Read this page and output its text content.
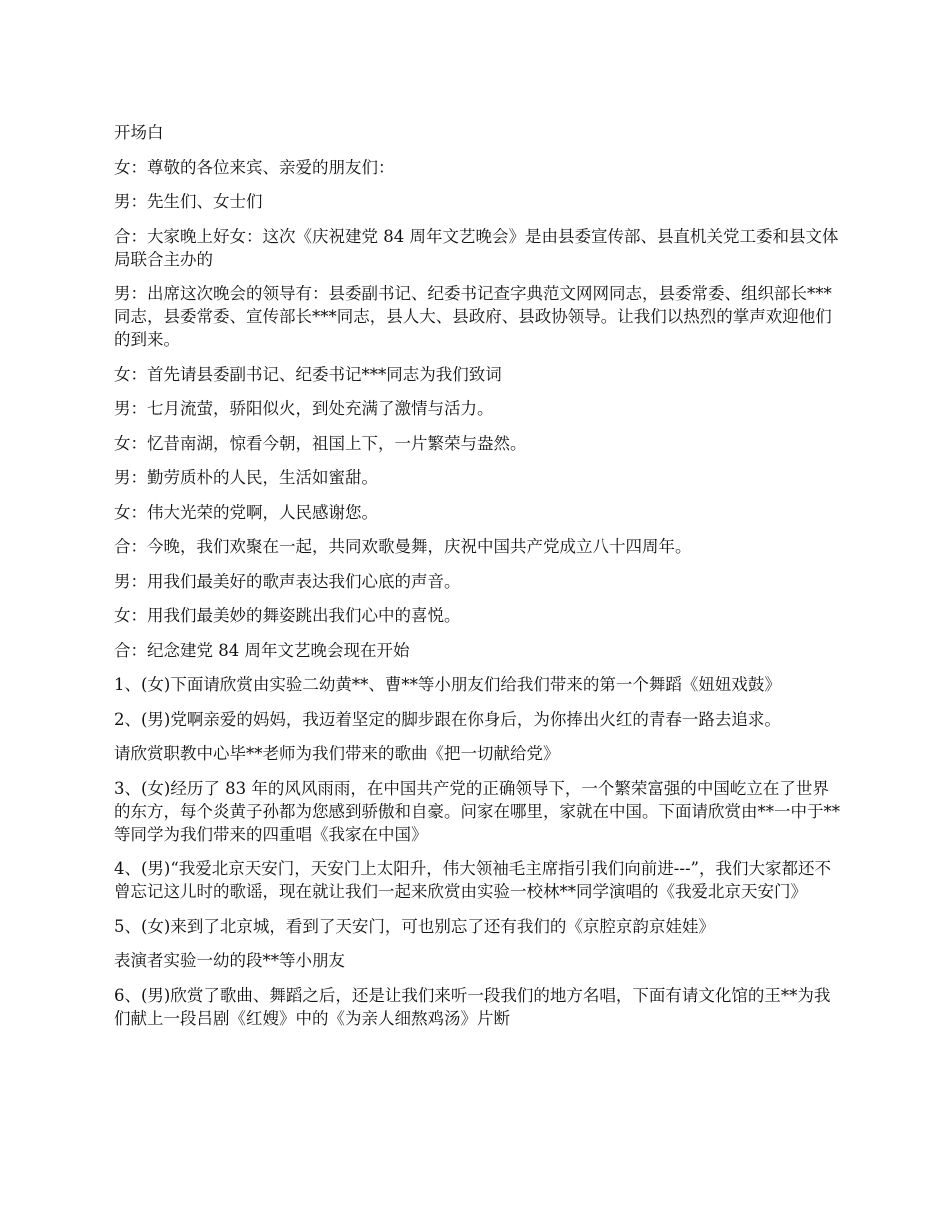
开场白

女：尊敬的各位来宾、亲爱的朋友们：

男：先生们、女士们

合：大家晚上好女：这次《庆祝建党 84 周年文艺晚会》是由县委宣传部、县直机关党工委和县文体局联合主办的

男：出席这次晚会的领导有：县委副书记、纪委书记查字典范文网网同志，县委常委、组织部长***同志，县委常委、宣传部长***同志，县人大、县政府、县政协领导。让我们以热烈的掌声欢迎他们的到来。

女：首先请县委副书记、纪委书记***同志为我们致词

男：七月流萤，骄阳似火，到处充满了激情与活力。

女：忆昔南湖，惊看今朝，祖国上下，一片繁荣与盎然。

男：勤劳质朴的人民，生活如蜜甜。

女：伟大光荣的党啊，人民感谢您。

合：今晚，我们欢聚在一起，共同欢歌曼舞，庆祝中国共产党成立八十四周年。

男：用我们最美好的歌声表达我们心底的声音。

女：用我们最美妙的舞姿跳出我们心中的喜悦。

合：纪念建党 84 周年文艺晚会现在开始

1、(女)下面请欣赏由实验二幼黄**、曹**等小朋友们给我们带来的第一个舞蹈《妞妞戏鼓》

2、(男)党啊亲爱的妈妈，我迈着坚定的脚步跟在你身后，为你捧出火红的青春一路去追求。

请欣赏职教中心毕**老师为我们带来的歌曲《把一切献给党》

3、(女)经历了 83 年的风风雨雨，在中国共产党的正确领导下，一个繁荣富强的中国屹立在了世界的东方，每个炎黄子孙都为您感到骄傲和自豪。问家在哪里，家就在中国。下面请欣赏由**一中于**等同学为我们带来的四重唱《我家在中国》

4、(男)“我爱北京天安门，天安门上太阳升，伟大领袖毛主席指引我们向前进---”，我们大家都还不曾忘记这儿时的歌谣，现在就让我们一起来欣赏由实验一校林**同学演唱的《我爱北京天安门》

5、(女)来到了北京城，看到了天安门，可也别忘了还有我们的《京腔京韵京娃娃》

表演者实验一幼的段**等小朋友

6、(男)欣赏了歌曲、舞蹈之后，还是让我们来听一段我们的地方名唱，下面有请文化馆的王**为我们献上一段吕剧《红嫂》中的《为亲人细熬鸡汤》片断
